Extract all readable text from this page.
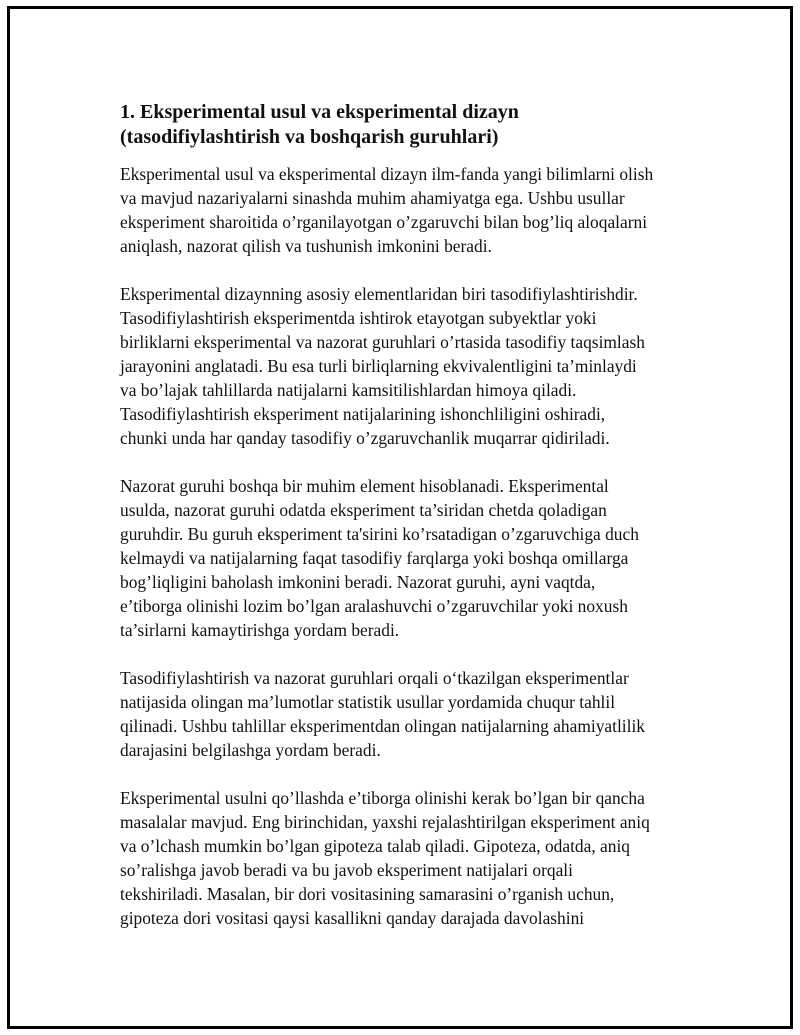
1. Eksperimental usul va eksperimental dizayn
(tasodifiylashtirish va boshqarish guruhlari)

Eksperimental usul va eksperimental dizayn ilm-fanda yangi bilimlarni olish
va mavjud nazariyalarni sinashda muhim ahamiyatga ega. Ushbu usullar
eksperiment sharoitida o’rganilayotgan o’zgaruvchi bilan bog’liq aloqalarni
aniqlash, nazorat qilish va tushunish imkonini beradi.

Eksperimental dizaynning asosiy elementlaridan biri tasodifiylashtirishdir.
Tasodifiylashtirish eksperimentda ishtirok etayotgan subyektlar yoki
birliklarni eksperimental va nazorat guruhlari o’rtasida tasodifiy taqsimlash
jarayonini anglatadi. Bu esa turli birliqlarning ekvivalentligini ta’minlaydi
va bo’lajak tahlillarda natijalarni kamsitilishlardan himoya qiladi.
Tasodifiylashtirish eksperiment natijalarining ishonchliligini oshiradi,
chunki unda har qanday tasodifiy o’zgaruvchanlik muqarrar qidiriladi.

Nazorat guruhi boshqa bir muhim element hisoblanadi. Eksperimental
usulda, nazorat guruhi odatda eksperiment ta’siridan chetda qoladigan
guruhdir. Bu guruh eksperiment ta'sirini ko’rsatadigan o’zgaruvchiga duch
kelmaydi va natijalarning faqat tasodifiy farqlarga yoki boshqa omillarga
bog’liqligini baholash imkonini beradi. Nazorat guruhi, ayni vaqtda,
e’tiborga olinishi lozim bo’lgan aralashuvchi o’zgaruvchilar yoki noxush
ta’sirlarni kamaytirishga yordam beradi.

Tasodifiylashtirish va nazorat guruhlari orqali o‘tkazilgan eksperimentlar
natijasida olingan ma’lumotlar statistik usullar yordamida chuqur tahlil
qilinadi. Ushbu tahlillar eksperimentdan olingan natijalarning ahamiyatlilik
darajasini belgilashga yordam beradi.

Eksperimental usulni qo’llashda e’tiborga olinishi kerak bo’lgan bir qancha
masalalar mavjud. Eng birinchidan, yaxshi rejalashtirilgan eksperiment aniq
va o’lchash mumkin bo’lgan gipoteza talab qiladi. Gipoteza, odatda, aniq
so’ralishga javob beradi va bu javob eksperiment natijalari orqali
tekshiriladi. Masalan, bir dori vositasining samarasini o’rganish uchun,
gipoteza dori vositasi qaysi kasallikni qanday darajada davolashini
